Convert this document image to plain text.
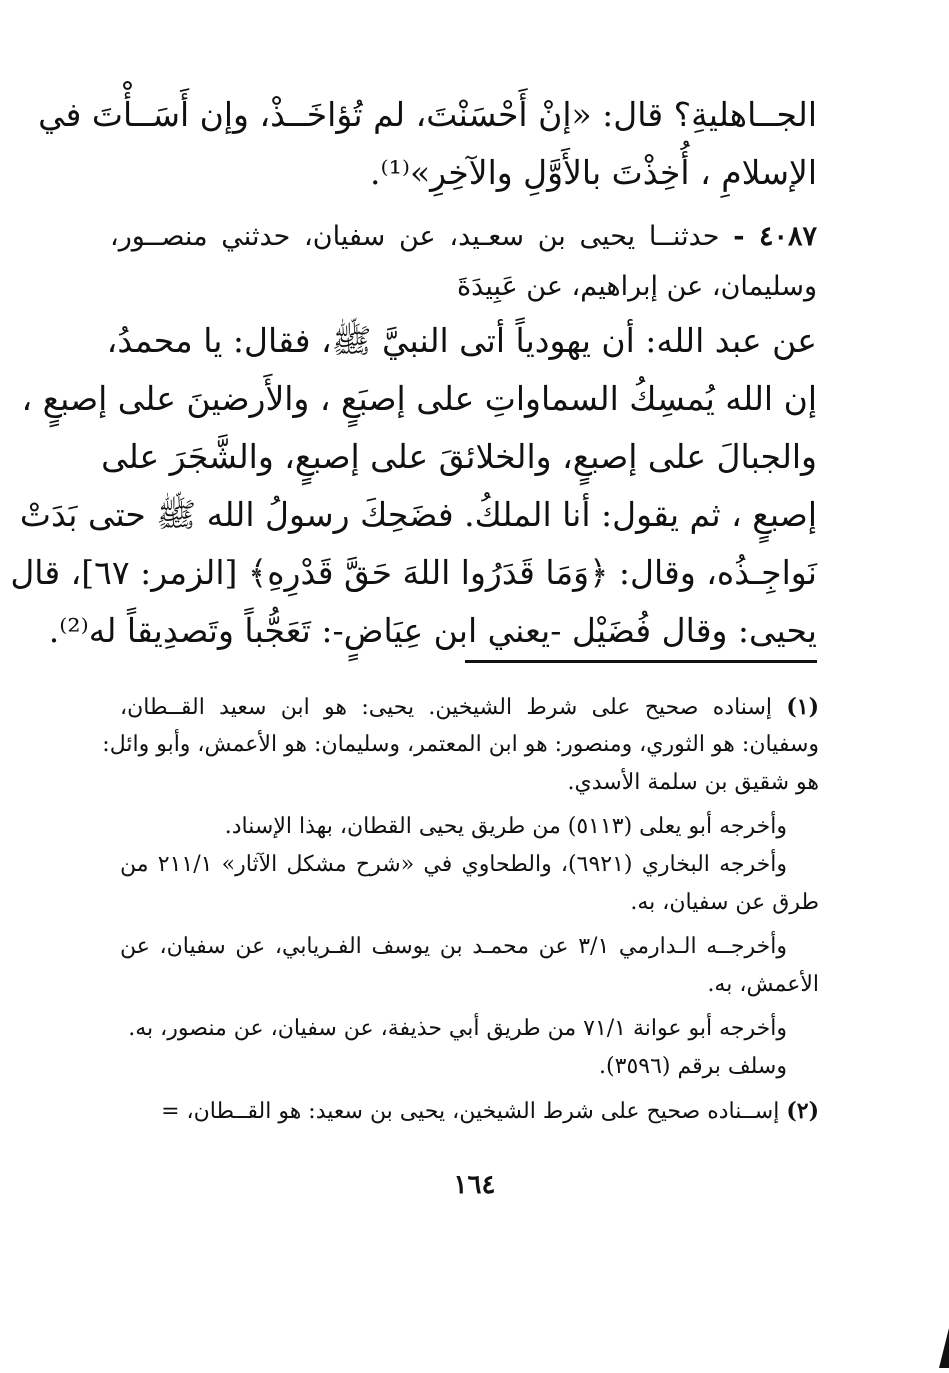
الجــاهليةِ؟ قال: «إنْ أَحْسَنْتَ، لم تُؤاخَــذْ، وإن أَسَــأْتَ في
الإسلامِ ، أُخِذْتَ بالأَوَّلِ والآخِرِ»⁽¹⁾.
٤٠٨٧ - حدثنــا يحيى بن سعـيد، عن سفيان، حدثني منصــور،
وسليمان، عن إبراهيم، عن عَبِيدَةَ
عن عبد الله: أن يهودياً أتى النبيَّ ﷺ، فقال: يا محمدُ،
إن الله يُمسِكُ السماواتِ على إصبَعٍ ، والأَرضينَ على إصبعٍ ،
والجبالَ على إصبعٍ، والخلائقَ على إصبعٍ، والشَّجَرَ على
إصبعٍ ، ثم يقول: أنا الملكُ. فضَحِكَ رسولُ الله ﷺ حتى بَدَتْ
نَواجِـذُه، وقال: ﴿وَمَا قَدَرُوا اللهَ حَقَّ قَدْرِهِ﴾ [الزمر: ٦٧]، قال
يحيى: وقال فُضَيْل -يعني ابن عِيَاضٍ-: تَعَجُّباً وتَصدِيقاً له⁽²⁾.
(١) إسناده صحيح على شرط الشيخين. يحيى: هو ابن سعيد القــطان،
وسفيان: هو الثوري، ومنصور: هو ابن المعتمر، وسليمان: هو الأعمش، وأبو وائل:
هو شقيق بن سلمة الأسدي.
وأخرجه أبو يعلى (٥١١٣) من طريق يحيى القطان، بهذا الإسناد.
وأخرجه البخاري (٦٩٢١)، والطحاوي في «شرح مشكل الآثار» ٢١١/١ من
طرق عن سفيان، به.
وأخرجــه الـدارمي ٣/١ عن محمـد بن يوسف الفـريابي، عن سفيان، عن
الأعمش، به.
وأخرجه أبو عوانة ٧١/١ من طريق أبي حذيفة، عن سفيان، عن منصور، به.
وسلف برقم (٣٥٩٦).
(٢) إســناده صحيح على شرط الشيخين، يحيى بن سعيد: هو القــطان، =
١٦٤
